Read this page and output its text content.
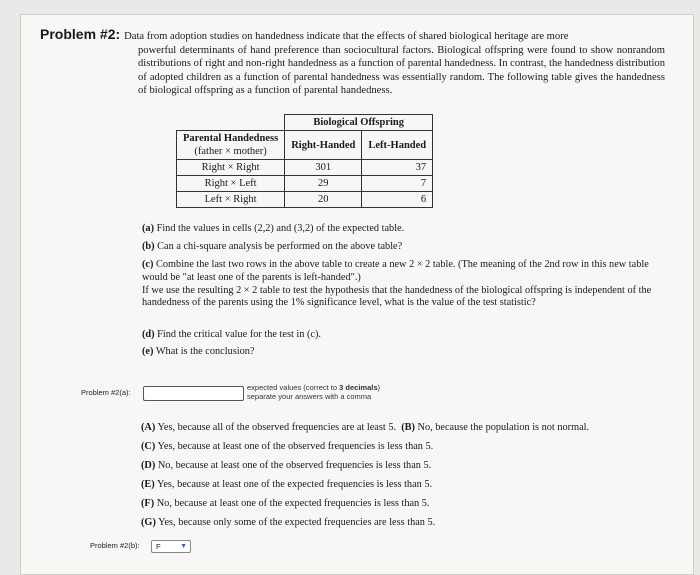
Problem #2: Data from adoption studies on handedness indicate that the effects of shared biological heritage are more
powerful determinants of hand preference than sociocultural factors. Biological offspring were found to show nonrandom distributions of right and non-right handedness as a function of parental handedness. In contrast, the handedness distribution of adopted children as a function of parental handedness was essentially random. The following table gives the handedness of biological offspring as a function of parental handedness.
	Biological Offspring	
Parental Handedness
(father × mother)	Right-Handed	Left-Handed
Right × Right	301	37
Right × Left	29	7
Left × Right	20	6
(a) Find the values in cells (2,2) and (3,2) of the expected table.
(b) Can a chi-square analysis be performed on the above table?
(c) Combine the last two rows in the above table to create a new 2 × 2 table. (The meaning of the 2nd row in this new table would be "at least one of the parents is left-handed".)
If we use the resulting 2 × 2 table to test the hypothesis that the handedness of the biological offspring is independent of the handedness of the parents using the 1% significance level, what is the value of the test statistic?
(d) Find the critical value for the test in (c).
(e) What is the conclusion?
Problem #2(a):
expected values (correct to 3 decimals)
separate your answers with a comma
(A) Yes, because all of the observed frequencies are at least 5. (B) No, because the population is not normal.
(C) Yes, because at least one of the observed frequencies is less than 5.
(D) No, because at least one of the observed frequencies is less than 5.
(E) Yes, because at least one of the expected frequencies is less than 5.
(F) No, because at least one of the expected frequencies is less than 5.
(G) Yes, because only some of the expected frequencies are less than 5.
Problem #2(b): F	▼
